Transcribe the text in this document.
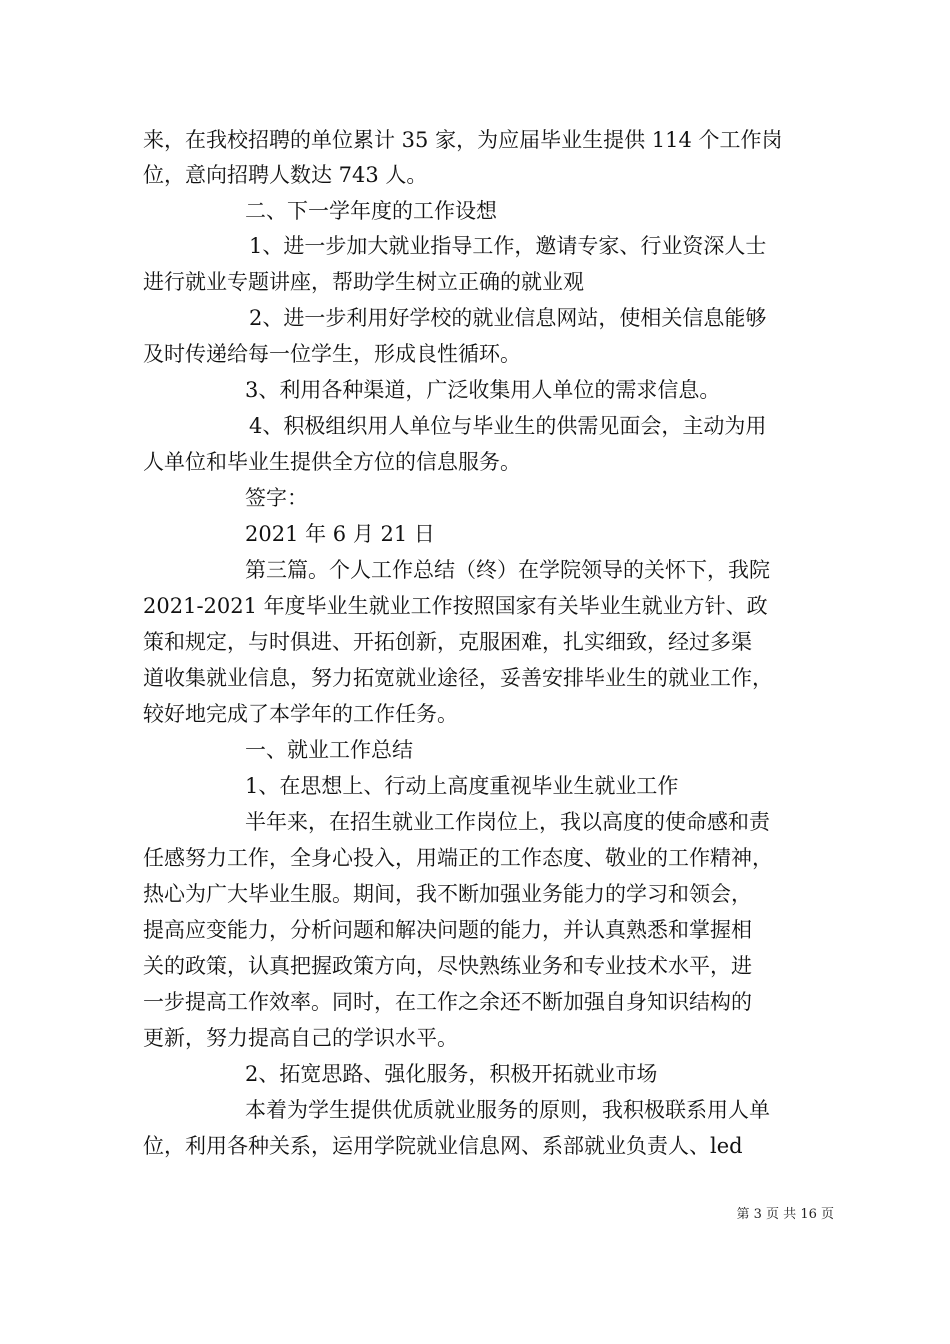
来，在我校招聘的单位累计 35 家，为应届毕业生提供 114 个工作岗
位，意向招聘人数达 743 人。
二、下一学年度的工作设想
1、进一步加大就业指导工作，邀请专家、行业资深人士
进行就业专题讲座，帮助学生树立正确的就业观
2、进一步利用好学校的就业信息网站，使相关信息能够
及时传递给每一位学生，形成良性循环。
3、利用各种渠道，广泛收集用人单位的需求信息。
4、积极组织用人单位与毕业生的供需见面会，主动为用
人单位和毕业生提供全方位的信息服务。
签字：
2021 年 6 月 21 日
第三篇。个人工作总结（终）在学院领导的关怀下，我院
2021-2021 年度毕业生就业工作按照国家有关毕业生就业方针、政
策和规定，与时俱进、开拓创新，克服困难，扎实细致，经过多渠
道收集就业信息，努力拓宽就业途径，妥善安排毕业生的就业工作，
较好地完成了本学年的工作任务。
一、就业工作总结
1、在思想上、行动上高度重视毕业生就业工作
半年来，在招生就业工作岗位上，我以高度的使命感和责
任感努力工作，全身心投入，用端正的工作态度、敬业的工作精神，
热心为广大毕业生服。期间，我不断加强业务能力的学习和领会，
提高应变能力，分析问题和解决问题的能力，并认真熟悉和掌握相
关的政策，认真把握政策方向，尽快熟练业务和专业技术水平，进
一步提高工作效率。同时，在工作之余还不断加强自身知识结构的
更新，努力提高自己的学识水平。
2、拓宽思路、强化服务，积极开拓就业市场
本着为学生提供优质就业服务的原则，我积极联系用人单
位，利用各种关系，运用学院就业信息网、系部就业负责人、led
第 3 页 共 16 页
